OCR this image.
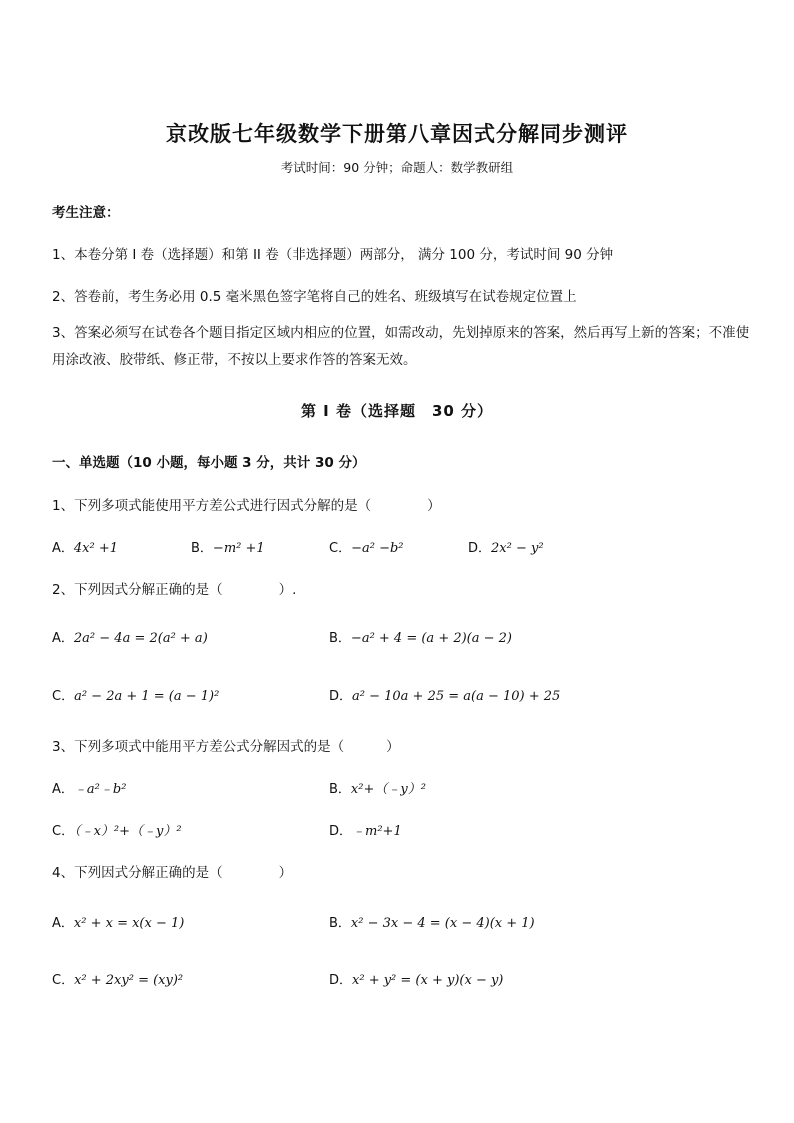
京改版七年级数学下册第八章因式分解同步测评
考试时间：90 分钟；命题人：数学教研组
考生注意：
1、本卷分第 I 卷（选择题）和第 II 卷（非选择题）两部分， 满分 100 分，考试时间 90 分钟
2、答卷前，考生务必用 0.5 毫米黑色签字笔将自己的姓名、班级填写在试卷规定位置上
3、答案必须写在试卷各个题目指定区域内相应的位置，如需改动，先划掉原来的答案，然后再写上新的答案；不准使用涂改液、胶带纸、修正带，不按以上要求作答的答案无效。
第 I 卷（选择题　30 分）
一、单选题（10 小题，每小题 3 分，共计 30 分）
1、下列多项式能使用平方差公式进行因式分解的是（	）
A．4x² +1	B．−m² +1	C．−a² −b²	D．2x² − y²
2、下列因式分解正确的是（	）.
A．2a² − 4a = 2(a² + a)	B．−a² + 4 = (a + 2)(a − 2)
C．a² − 2a + 1 = (a − 1)²	D．a² − 10a + 25 = a(a − 10) + 25
3、下列多项式中能用平方差公式分解因式的是（	）
A．﹣a²﹣b²	B．x²+（﹣y）²
C．（﹣x）²+（﹣y）²	D．﹣m²+1
4、下列因式分解正确的是（	）
A．x² + x = x(x − 1)	B．x² − 3x − 4 = (x − 4)(x + 1)
C．x² + 2xy² = (xy)²	D．x² + y² = (x + y)(x − y)
